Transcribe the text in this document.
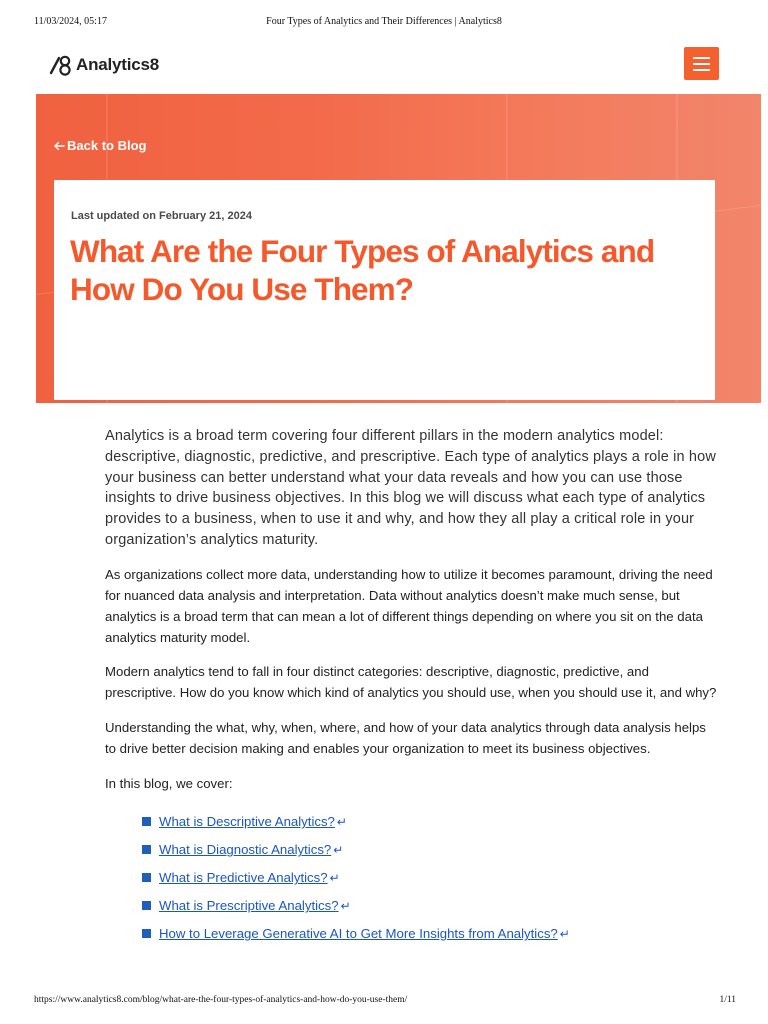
11/03/2024, 05:17	Four Types of Analytics and Their Differences | Analytics8
Analytics8
Back to Blog
Last updated on February 21, 2024
What Are the Four Types of Analytics and How Do You Use Them?

Analytics is a broad term covering four different pillars in the modern analytics model: descriptive, diagnostic, predictive, and prescriptive. Each type of analytics plays a role in how your business can better understand what your data reveals and how you can use those insights to drive business objectives. In this blog we will discuss what each type of analytics provides to a business, when to use it and why, and how they all play a critical role in your organization’s analytics maturity.

As organizations collect more data, understanding how to utilize it becomes paramount, driving the need for nuanced data analysis and interpretation. Data without analytics doesn’t make much sense, but analytics is a broad term that can mean a lot of different things depending on where you sit on the data analytics maturity model.

Modern analytics tend to fall in four distinct categories: descriptive, diagnostic, predictive, and prescriptive. How do you know which kind of analytics you should use, when you should use it, and why?

Understanding the what, why, when, where, and how of your data analytics through data analysis helps to drive better decision making and enables your organization to meet its business objectives.

In this blog, we cover:

What is Descriptive Analytics? ↵
What is Diagnostic Analytics? ↵
What is Predictive Analytics? ↵
What is Prescriptive Analytics? ↵
How to Leverage Generative AI to Get More Insights from Analytics? ↵
https://www.analytics8.com/blog/what-are-the-four-types-of-analytics-and-how-do-you-use-them/	1/11
